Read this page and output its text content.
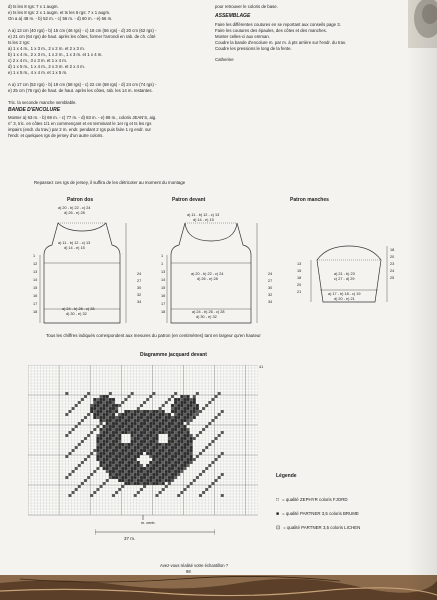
d) ts les 8 rgs: 7 x 1 augm.
e) ts les 8 rgs: 2 x 1 augm. et ts les 6 rgs: 7 x 1 augm.
On a a) 48 m. - b) 52 m. - c) 56 m. - d) 60 m. - e) 66 m.
A a) 13 cm (40 rgs) - b) 15 cm (46 rgs) - c) 18 cm (56 rgs) - d) 20 cm (62 rgs) -
e) 21 cm (64 rgs) de haut. après les côtes, former l'arrondi en rab. de ch. côté
ts les 2 rgs:
a) 1 x 4 m., 1 x 3 m., 2 x 2 m. et 2 x 3 m.
b) 1 x 4 m., 2 x 3 m., 1 x 2 m., 1 x 3 m. et 1 x 4 m.
c) 2 x 4 m., 3 x 3 m. et 1 x 4 m.
d) 1 x 5 m., 1 x 4 m., 2 x 3 m. et 2 x 4 m.
e) 1 x 5 m., 4 x 4 m. et 1 x 5 m.
A a) 17 cm (52 rgs) - b) 19 cm (58 rgs) - c) 22 cm (68 rgs) - d) 24 cm (74 rgs) -
e) 25 cm (76 rgs) de haut. de haut. après les côtes, rab. les 14 m. restantes.
Tric. la seconde manche semblable.
BANDE D'ENCOLURE
Monter a) 63 m. - b) 69 m. - c) 77 m. - d) 83 m. - e) 89 m., coloris JEAN'S, aig.
n° 3, tric. en côtes 1/1 en commençant et en terminant le 1er rg et ts les rgs
impairs (endr. du trav.) par 2 m. endr. pendant 2 rgs puis faire 1 rg endr. sur
l'endr. et quelques rgs de jersey d'un autre coloris.
pour retrouver le coloris de base.
ASSEMBLAGE
Faire les différentes coutures en se reportant aux conseils page 3.
Faire les coutures des épaules, des côtes et des manches.
Monter celles-ci aux emman.
Coudre la bande d'encolure m. par m. à pts arrière sur l'endr. du trav.
Coudre les pressions le long de la fente.
Catherine
Repassez ces rgs de jersey, il suffira de les détricoter au moment du montage
Patron dos	Patron devant	Patron manches
a) 20 - b) 22 - c) 24
d) 26 - e) 28
a) 11 - b) 12 - c) 13
d) 14 - e) 15
a) 24 - b) 26 - c) 28
d) 30 - e) 32
1
12
13
14
15
16
17
18
24
27
30
32
34
a) 11 - b) 12 - c) 13
d) 14 - e) 15
a) 20 - b) 22 - c) 24
d) 26 - e) 28
a) 24 - b) 26 - c) 28
d) 30 - e) 32
1
1
13
14
15
16
17
18
24
27
30
32
34
a) 21 - b) 23
c) 27 - d) 29
a) 17 - b) 18 - c) 19
d) 20 - e) 21
13
15
18
20
21
18
20
23
24
25
Tous les chiffres indiqués correspondent aux mesures du patron (en centimètres) tant en largeur qu'en hauteur
Diagramme jacquard devant
41
m. centr.
37 m.
Légende
□ = qualité ZEPHYR coloris FJORD
■ = qualité PARTNER 3,5 coloris BRUME
⊡ = qualité PARTNER 3,5 coloris LICHEN
Avez-vous réalisé votre échantillon ?
98
